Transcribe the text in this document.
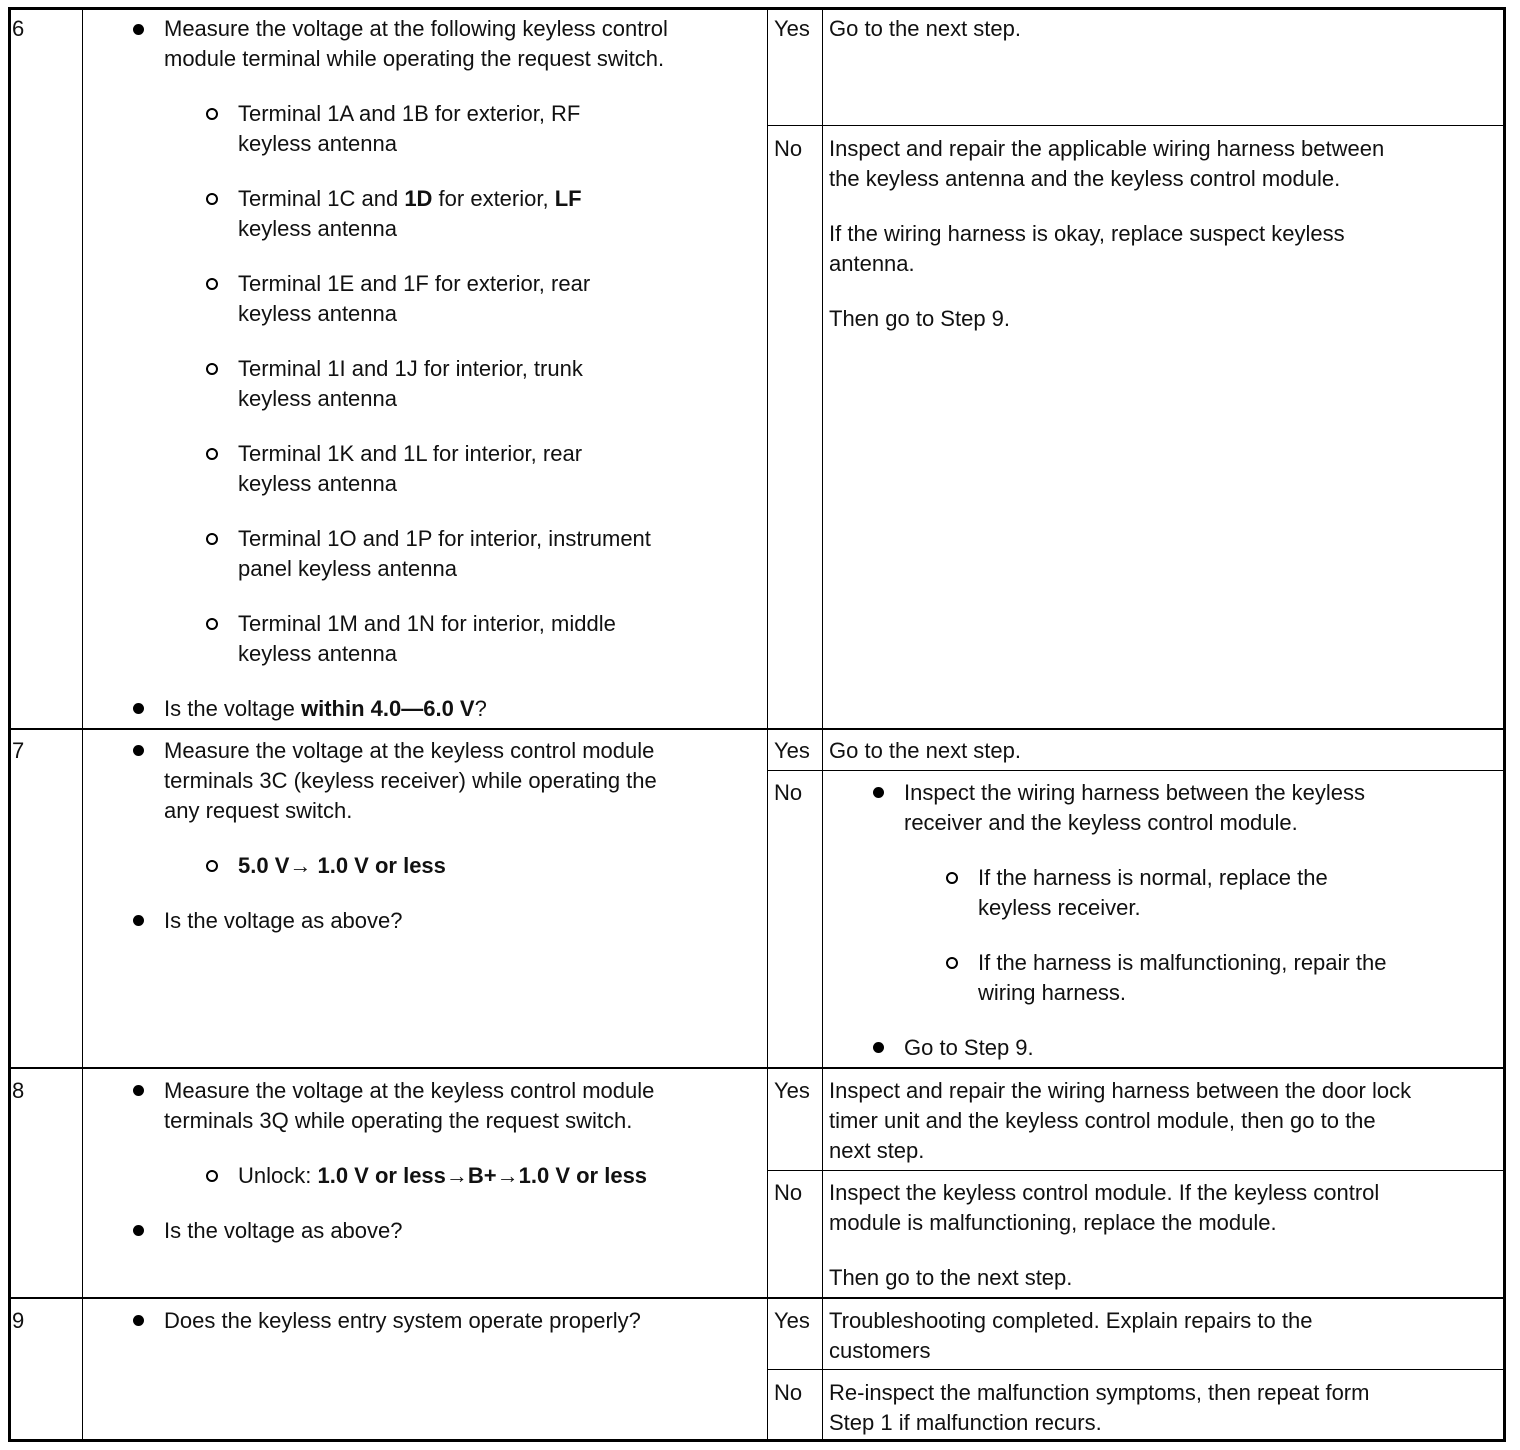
6	Measure the voltage at the following keyless control
module terminal while operating the request switch.
Terminal 1A and 1B for exterior, RF
keyless antenna
Terminal 1C and 1D for exterior, LF
keyless antenna
Terminal 1E and 1F for exterior, rear
keyless antenna
Terminal 1I and 1J for interior, trunk
keyless antenna
Terminal 1K and 1L for interior, rear
keyless antenna
Terminal 1O and 1P for interior, instrument
panel keyless antenna
Terminal 1M and 1N for interior, middle
keyless antenna
Is the voltage within 4.0—6.0 V?
Yes Go to the next step.
No Inspect and repair the applicable wiring harness between
the keyless antenna and the keyless control module.
If the wiring harness is okay, replace suspect keyless
antenna.
Then go to Step 9.
7	Measure the voltage at the keyless control module
terminals 3C (keyless receiver) while operating the
any request switch.
5.0 V→ 1.0 V or less
Is the voltage as above?
Yes Go to the next step.
No	Inspect the wiring harness between the keyless
receiver and the keyless control module.
If the harness is normal, replace the
keyless receiver.
If the harness is malfunctioning, repair the
wiring harness.
Go to Step 9.
8	Measure the voltage at the keyless control module
terminals 3Q while operating the request switch.
Unlock: 1.0 V or less→B+→1.0 V or less
Is the voltage as above?
Yes Inspect and repair the wiring harness between the door lock
timer unit and the keyless control module, then go to the
next step.
No Inspect the keyless control module. If the keyless control
module is malfunctioning, replace the module.
Then go to the next step.
9	Does the keyless entry system operate properly?	Yes Troubleshooting completed. Explain repairs to the
customers
No Re-inspect the malfunction symptoms, then repeat form
Step 1 if malfunction recurs.
